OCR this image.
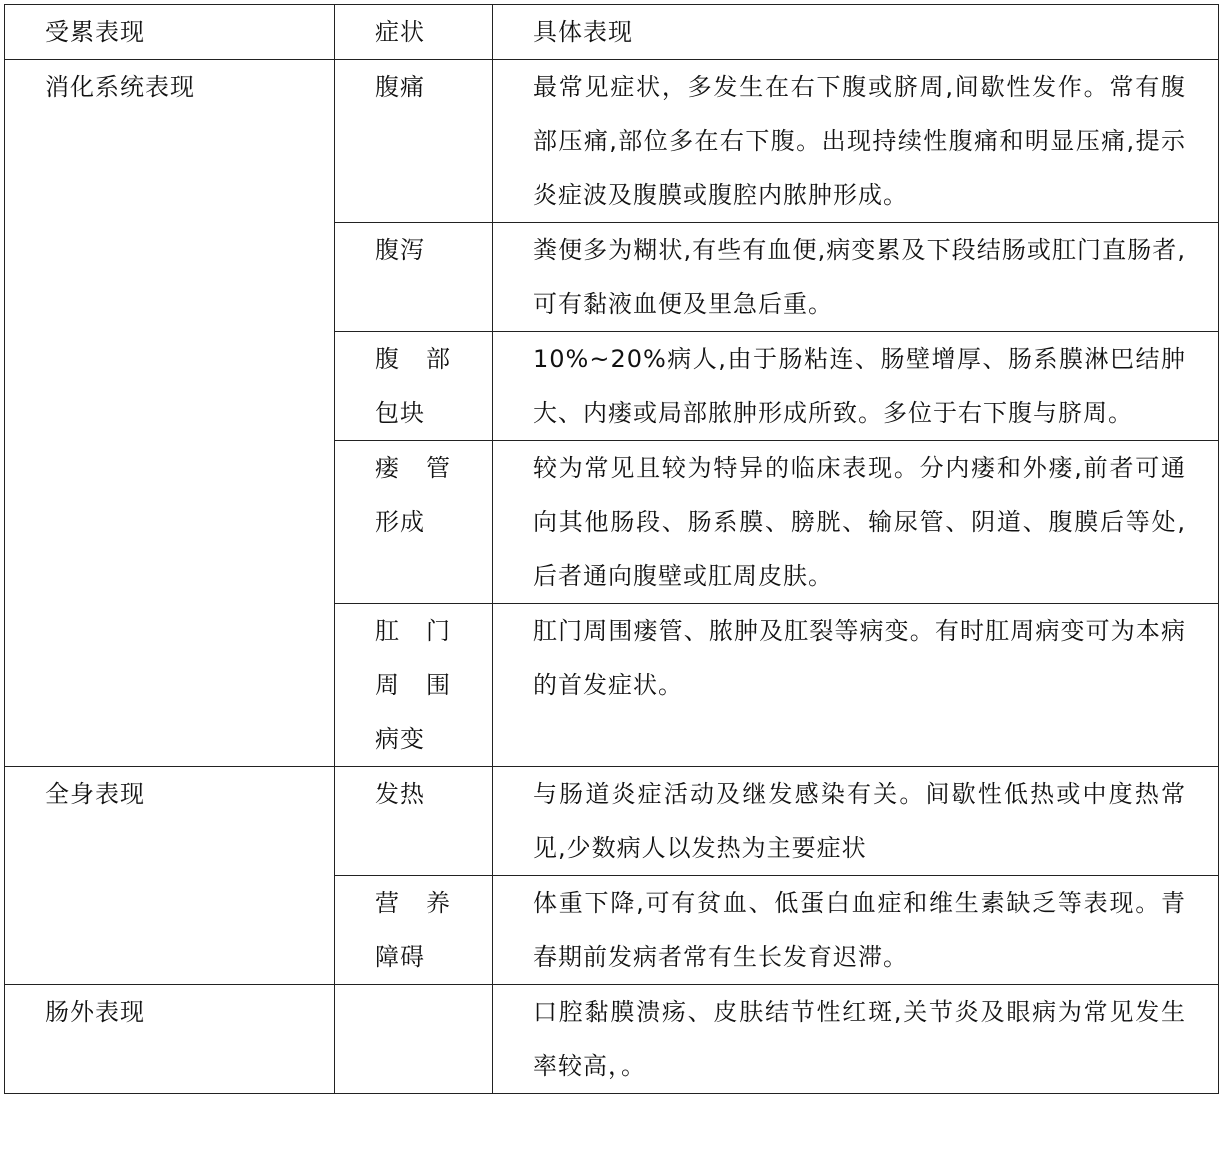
受累表现	症状	具体表现
消化系统表现	腹痛	最常见症状，多发生在右下腹或脐周,间歇性发作。常有腹部压痛,部位多在右下腹。出现持续性腹痛和明显压痛,提示炎症波及腹膜或腹腔内脓肿形成。

	腹泻	粪便多为糊状,有些有血便,病变累及下段结肠或肛门直肠者,可有黏液血便及里急后重。

	腹部
包块	10%~20%病人,由于肠粘连、肠壁增厚、肠系膜淋巴结肿大、内瘘或局部脓肿形成所致。多位于右下腹与脐周。

	瘘管
形成	较为常见且较为特异的临床表现。分内瘘和外瘘,前者可通向其他肠段、肠系膜、膀胱、输尿管、阴道、腹膜后等处,后者通向腹壁或肛周皮肤。

	肛门
周围
病变	肛门周围瘘管、脓肿及肛裂等病变。有时肛周病变可为本病的首发症状。
全身表现	发热	与肠道炎症活动及继发感染有关。间歇性低热或中度热常见,少数病人以发热为主要症状

	营养
障碍	体重下降,可有贫血、低蛋白血症和维生素缺乏等表现。青春期前发病者常有生长发育迟滞。
肠外表现		口腔黏膜溃疡、皮肤结节性红斑,关节炎及眼病为常见发生率较高，。
